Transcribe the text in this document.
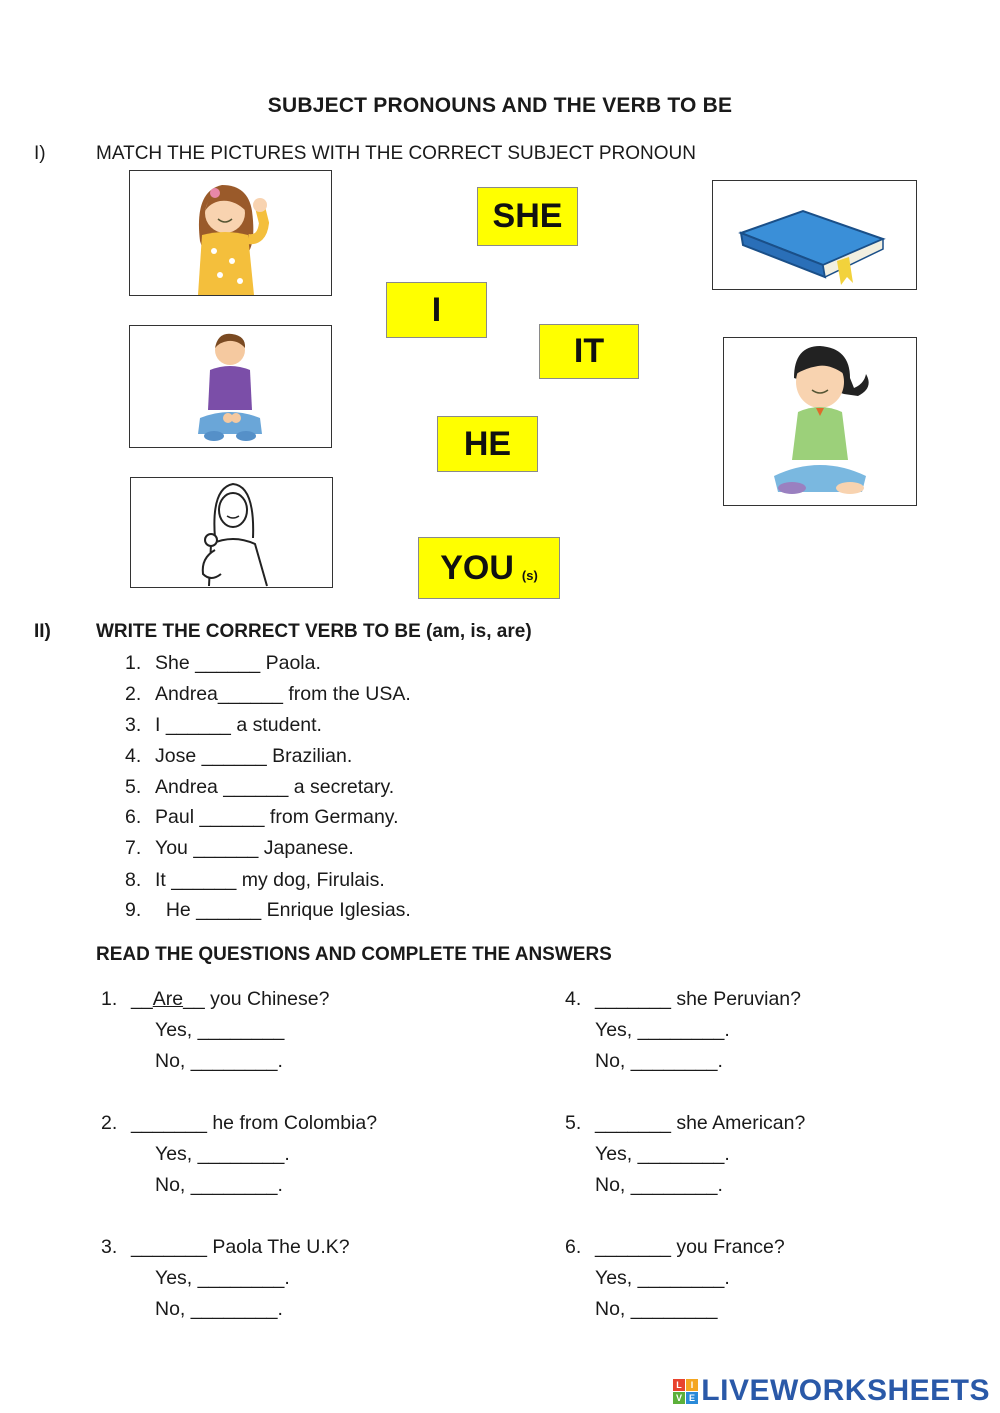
SUBJECT PRONOUNS AND THE VERB TO BE
I)	MATCH THE PICTURES WITH THE CORRECT SUBJECT PRONOUN
SHE
I
IT
HE
YOU (s)
II) WRITE THE CORRECT VERB TO BE (am, is, are)
1. She ______ Paola.
2. Andrea______ from the USA.
3. I ______ a student.
4. Jose ______ Brazilian.
5. Andrea ______ a secretary.
6. Paul ______ from Germany.
7. You ______ Japanese.
8. It ______ my dog, Firulais.
9. He ______ Enrique Iglesias.
READ THE QUESTIONS AND COMPLETE THE ANSWERS
1. __Are__ you Chinese?
Yes, ________
No, ________.
2. _______ he from Colombia?
Yes, ________.
No, ________.
3. _______ Paola The U.K?
Yes, ________.
No, ________.
4. _______ she Peruvian?
Yes, ________.
No, ________.
5. _______ she American?
Yes, ________.
No, ________.
6. _______ you France?
Yes, ________.
No, ________
L I
V E LIVEWORKSHEETS
